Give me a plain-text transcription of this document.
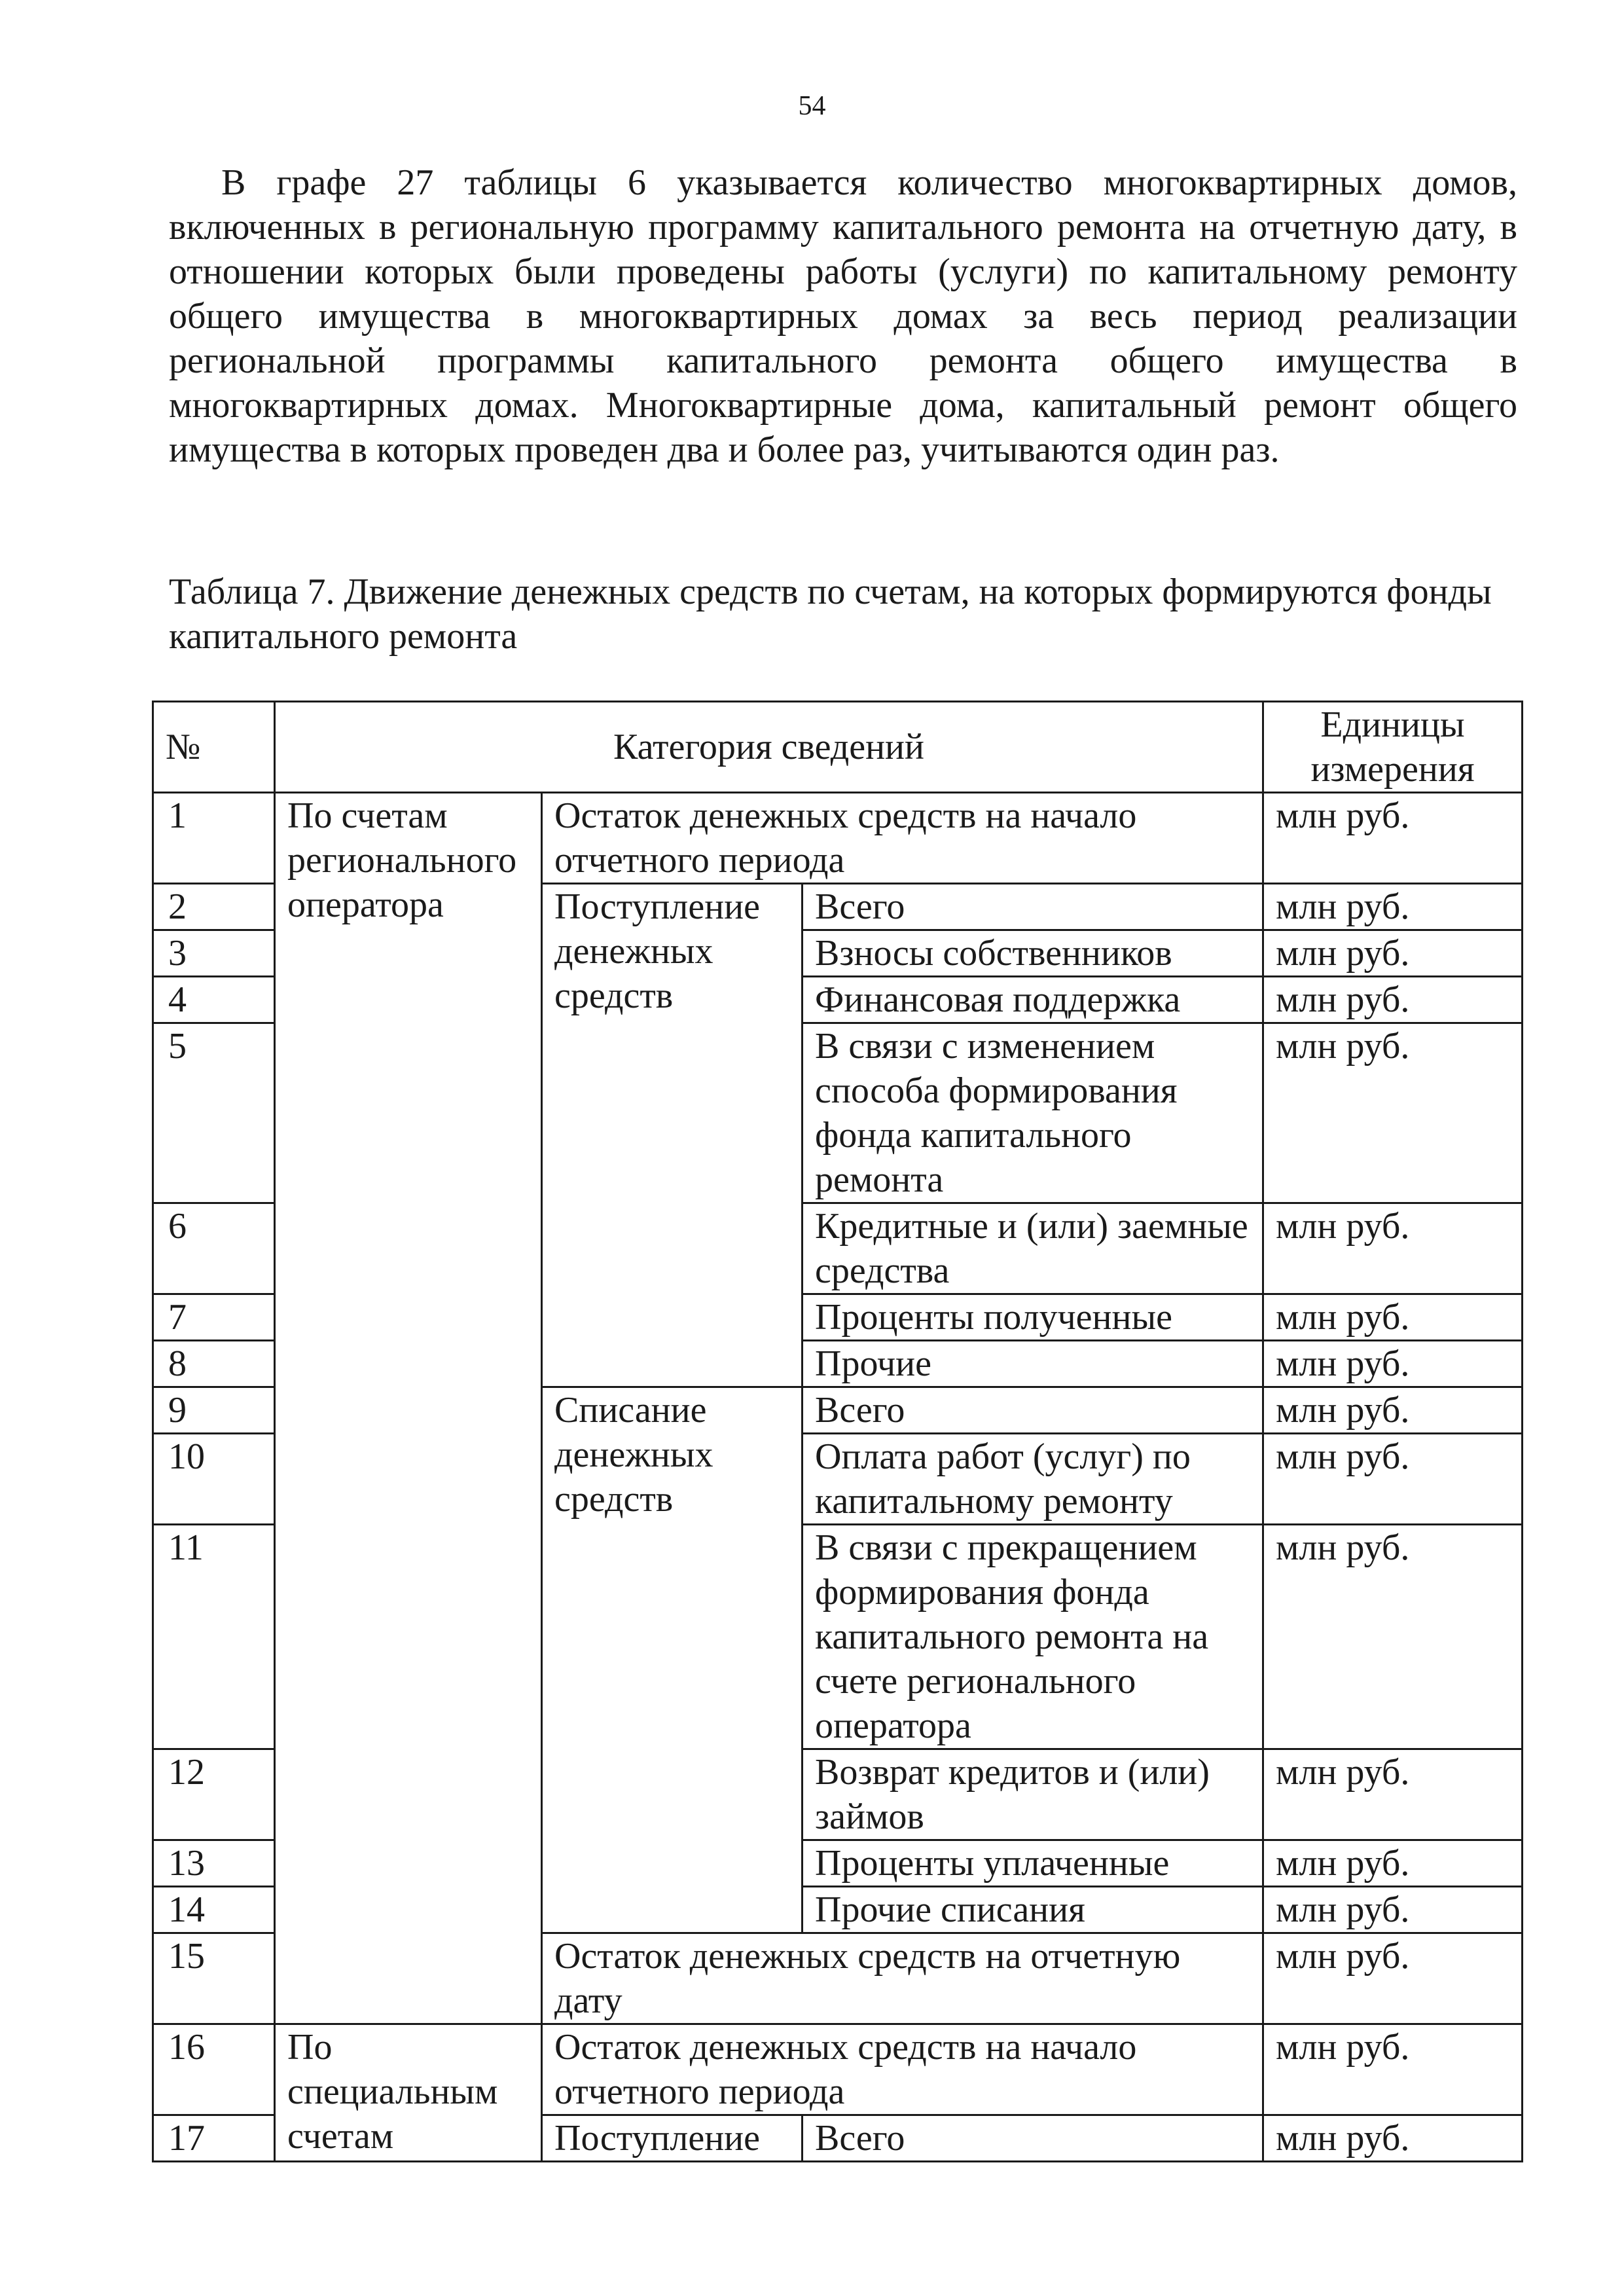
54

В графе 27 таблицы 6 указывается количество многоквартирных домов, включенных в региональную программу капитального ремонта на отчетную дату, в отношении которых были проведены работы (услуги) по капитальному ремонту общего имущества в многоквартирных домах за весь период реализации региональной программы капитального ремонта общего имущества в многоквартирных домах. Многоквартирные дома, капитальный ремонт общего имущества в которых проведен два и более раз, учитываются один раз.

Таблица 7. Движение денежных средств по счетам, на которых формируются фонды капитального ремонта

№	Категория сведений			Единицы измерения
1	По счетам регионального оператора	Остаток денежных средств на начало отчетного периода		млн руб.
2		Поступление денежных средств	Всего	млн руб.
3			Взносы собственников	млн руб.
4			Финансовая поддержка	млн руб.
5			В связи с изменением способа формирования фонда капитального ремонта	млн руб.
6			Кредитные и (или) заемные средства	млн руб.
7			Проценты полученные	млн руб.
8			Прочие	млн руб.
9		Списание денежных средств	Всего	млн руб.
10			Оплата работ (услуг) по капитальному ремонту	млн руб.
11			В связи с прекращением формирования фонда капитального ремонта на счете регионального оператора	млн руб.
12			Возврат кредитов и (или) займов	млн руб.
13			Проценты уплаченные	млн руб.
14			Прочие списания	млн руб.
15		Остаток денежных средств на отчетную дату		млн руб.
16	По специальным счетам	Остаток денежных средств на начало отчетного периода		млн руб.
17		Поступление	Всего	млн руб.
